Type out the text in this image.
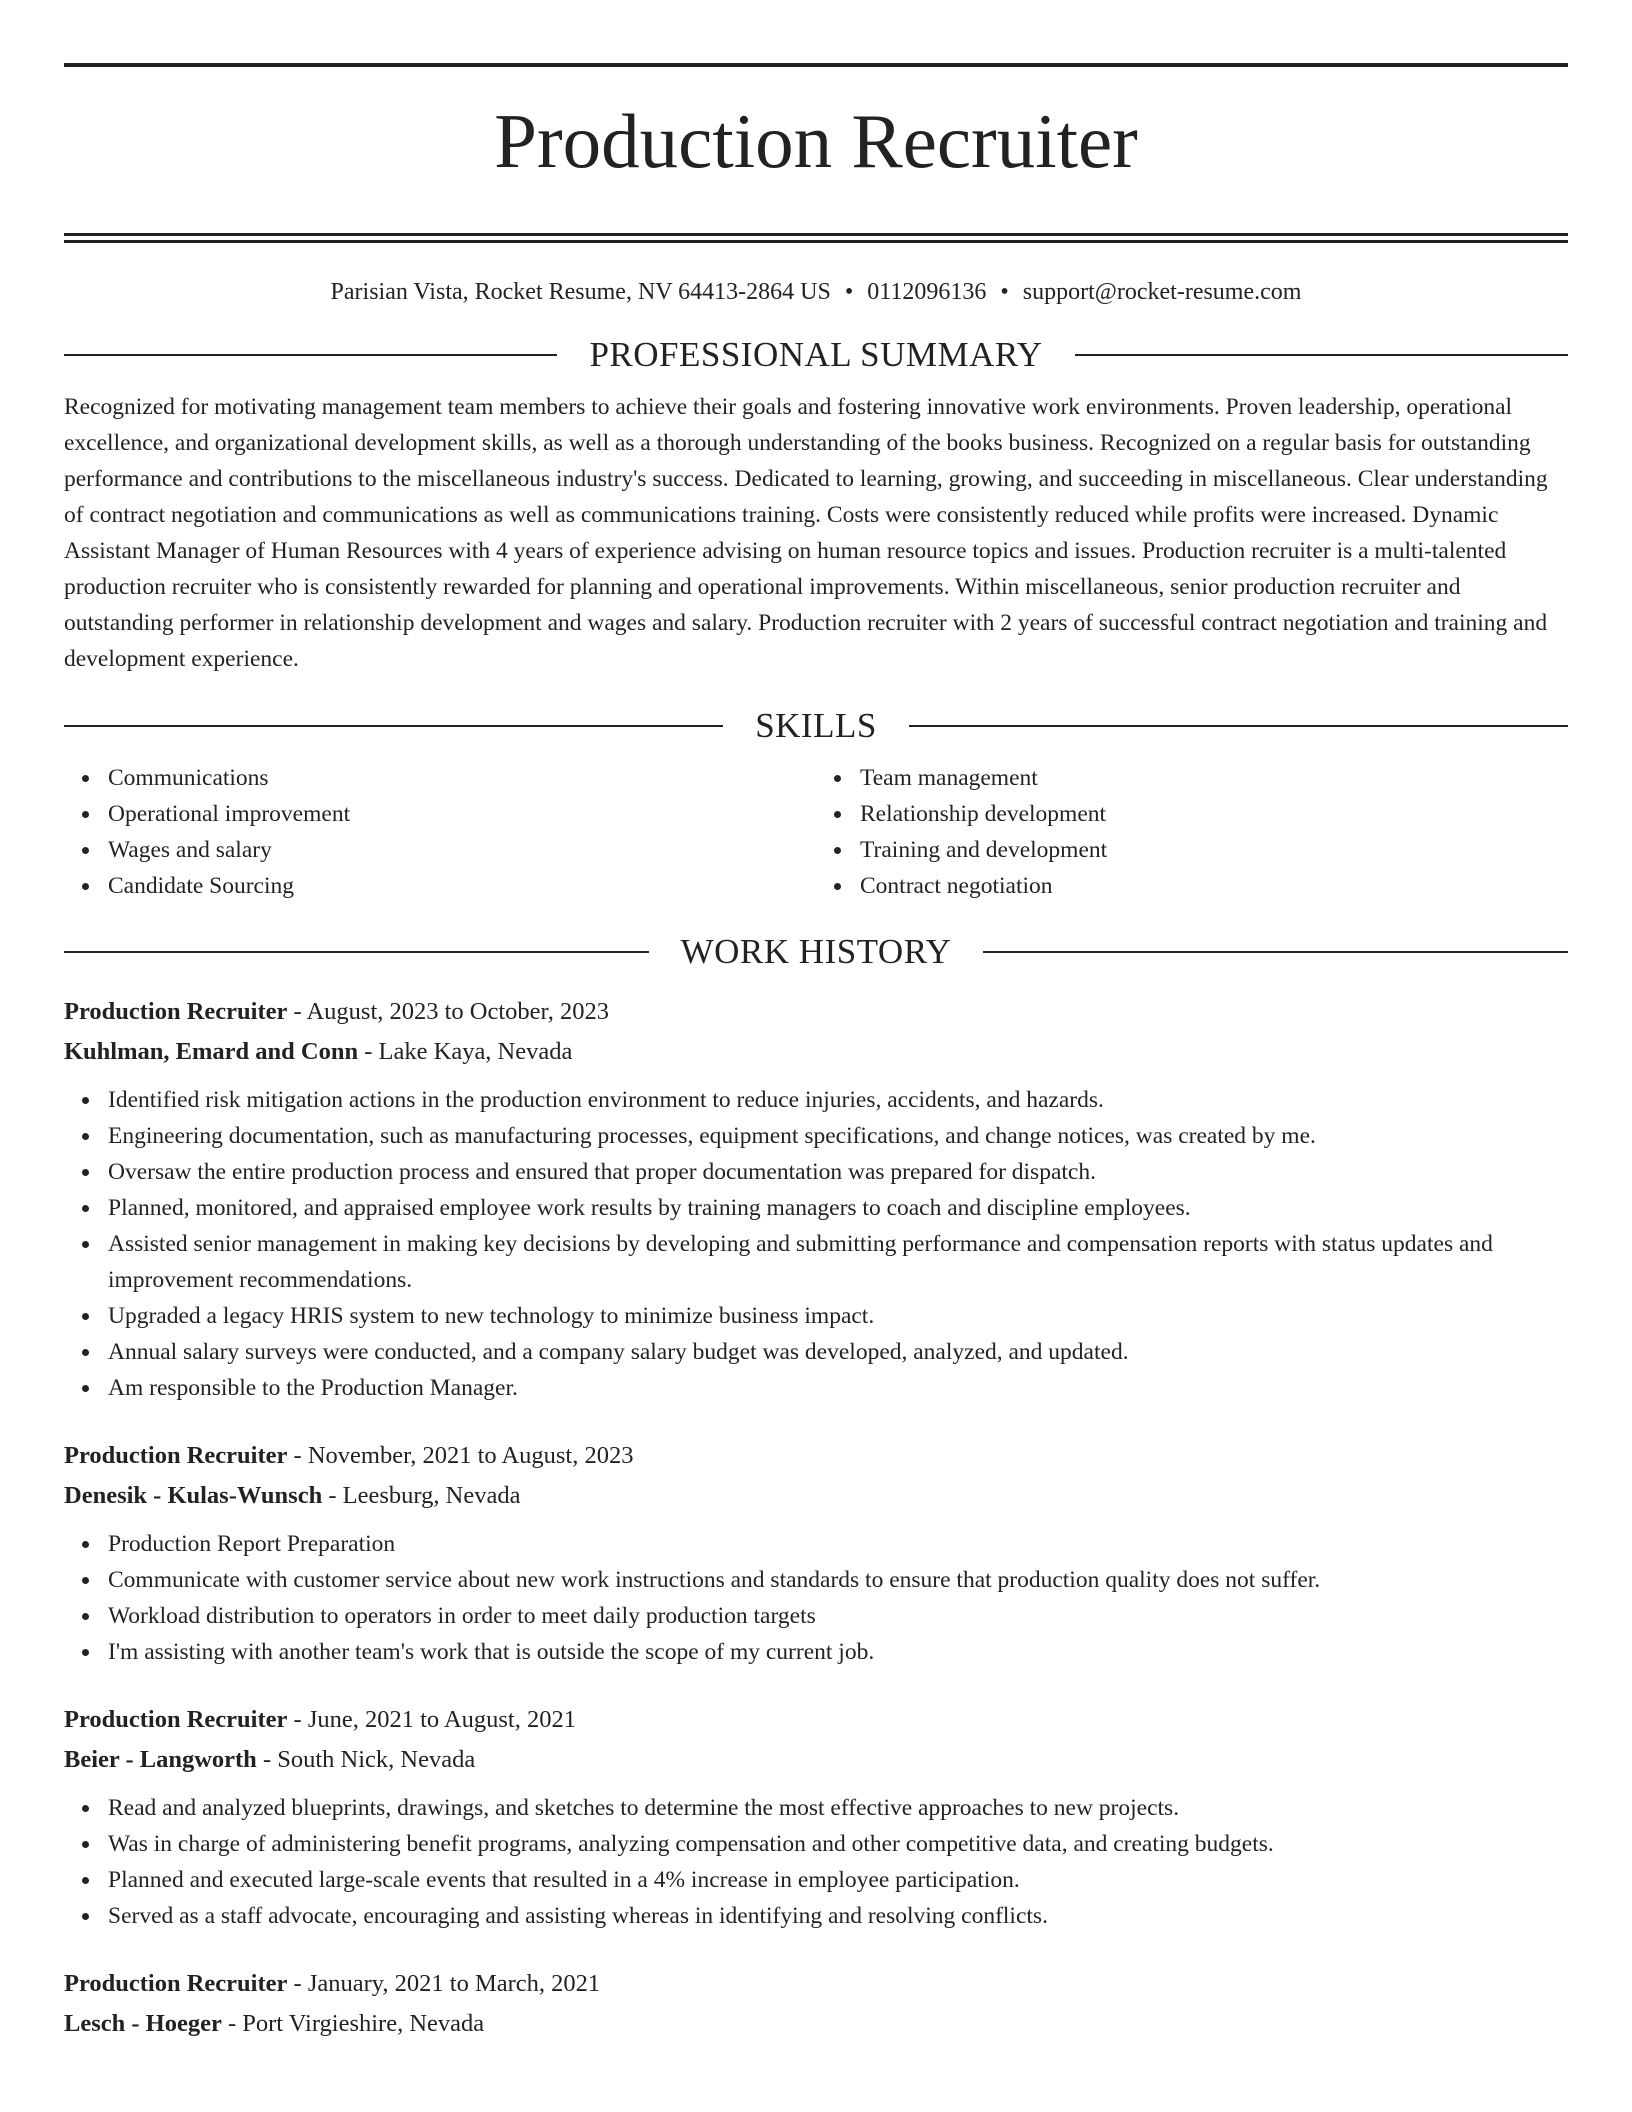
Production Recruiter
Parisian Vista, Rocket Resume, NV 64413-2864 US • 0112096136 • support@rocket-resume.com
PROFESSIONAL SUMMARY

Recognized for motivating management team members to achieve their goals and fostering innovative work environments. Proven leadership, operational excellence, and organizational development skills, as well as a thorough understanding of the books business. Recognized on a regular basis for outstanding performance and contributions to the miscellaneous industry's success. Dedicated to learning, growing, and succeeding in miscellaneous. Clear understanding of contract negotiation and communications as well as communications training. Costs were consistently reduced while profits were increased. Dynamic Assistant Manager of Human Resources with 4 years of experience advising on human resource topics and issues. Production recruiter is a multi-talented production recruiter who is consistently rewarded for planning and operational improvements. Within miscellaneous, senior production recruiter and outstanding performer in relationship development and wages and salary. Production recruiter with 2 years of successful contract negotiation and training and development experience.

SKILLS
Communications
Operational improvement
Wages and salary
Candidate Sourcing
Team management
Relationship development
Training and development
Contract negotiation
WORK HISTORY
Production Recruiter - August, 2023 to October, 2023
Kuhlman, Emard and Conn - Lake Kaya, Nevada
Identified risk mitigation actions in the production environment to reduce injuries, accidents, and hazards.
Engineering documentation, such as manufacturing processes, equipment specifications, and change notices, was created by me.
Oversaw the entire production process and ensured that proper documentation was prepared for dispatch.
Planned, monitored, and appraised employee work results by training managers to coach and discipline employees.
Assisted senior management in making key decisions by developing and submitting performance and compensation reports with status updates and improvement recommendations.
Upgraded a legacy HRIS system to new technology to minimize business impact.
Annual salary surveys were conducted, and a company salary budget was developed, analyzed, and updated.
Am responsible to the Production Manager.
Production Recruiter - November, 2021 to August, 2023
Denesik - Kulas-Wunsch - Leesburg, Nevada
Production Report Preparation
Communicate with customer service about new work instructions and standards to ensure that production quality does not suffer.
Workload distribution to operators in order to meet daily production targets
I'm assisting with another team's work that is outside the scope of my current job.
Production Recruiter - June, 2021 to August, 2021
Beier - Langworth - South Nick, Nevada
Read and analyzed blueprints, drawings, and sketches to determine the most effective approaches to new projects.
Was in charge of administering benefit programs, analyzing compensation and other competitive data, and creating budgets.
Planned and executed large-scale events that resulted in a 4% increase in employee participation.
Served as a staff advocate, encouraging and assisting whereas in identifying and resolving conflicts.
Production Recruiter - January, 2021 to March, 2021
Lesch - Hoeger - Port Virgieshire, Nevada
